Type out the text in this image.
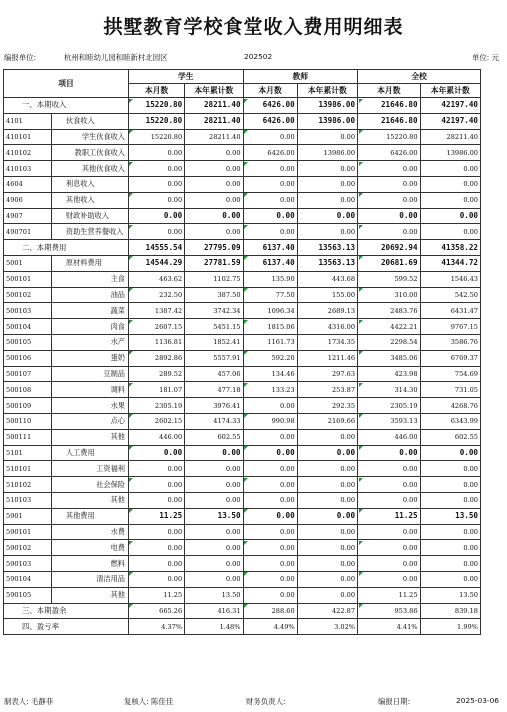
拱墅教育学校食堂收入费用明细表
编报单位:	杭州和睦幼儿园和睦新村北园区	202502	单位: 元
项目		学生		教师		全校	
		本月数	本年累计数	本月数	本年累计数	本月数	本年累计数
一、本期收入		15220.80	28211.40	6426.00	13986.00	21646.80	42197.40
4101	伙食收入	15220.80	28211.40	6426.00	13986.00	21646.80	42197.40
410101	学生伙食收入	15220.80	28211.40	0.00	0.00	15220.80	28211.40
410102	教职工伙食收入	0.00	0.00	6426.00	13986.00	6426.00	13986.00
410103	其他伙食收入	0.00	0.00	0.00	0.00	0.00	0.00
4604	利息收入	0.00	0.00	0.00	0.00	0.00	0.00
4906	其他收入	0.00	0.00	0.00	0.00	0.00	0.00
4907	财政补助收入	0.00	0.00	0.00	0.00	0.00	0.00
490701	资助生营养餐收入	0.00	0.00	0.00	0.00	0.00	0.00
二、本期费用		14555.54	27795.09	6137.40	13563.13	20692.94	41358.22
5001	原材料费用	14544.29	27781.59	6137.40	13563.13	20681.69	41344.72
500101	主食	463.62	1102.75	135.90	443.68	599.52	1546.43
500102	油品	232.50	387.50	77.50	155.00	310.00	542.50
500103	蔬菜	1387.42	3742.34	1096.34	2689.13	2483.76	6431.47
500104	肉食	2607.15	5451.15	1815.06	4316.00	4422.21	9767.15
500105	水产	1136.81	1852.41	1161.73	1734.35	2298.54	3586.76
500106	蛋奶	2892.86	5557.91	592.20	1211.46	3485.06	6769.37
500107	豆制品	289.52	457.06	134.46	297.63	423.98	754.69
500108	调料	181.07	477.18	133.23	253.87	314.30	731.05
500109	水果	2305.19	3976.41	0.00	292.35	2305.19	4268.76
500110	点心	2602.15	4174.33	990.98	2169.66	3593.13	6343.99
500111	其他	446.00	602.55	0.00	0.00	446.00	602.55
5101	人工费用	0.00	0.00	0.00	0.00	0.00	0.00
510101	工资福利	0.00	0.00	0.00	0.00	0.00	0.00
510102	社会保险	0.00	0.00	0.00	0.00	0.00	0.00
510103	其他	0.00	0.00	0.00	0.00	0.00	0.00
5901	其他费用	11.25	13.50	0.00	0.00	11.25	13.50
590101	水费	0.00	0.00	0.00	0.00	0.00	0.00
590102	电费	0.00	0.00	0.00	0.00	0.00	0.00
590103	燃料	0.00	0.00	0.00	0.00	0.00	0.00
590104	清洁用品	0.00	0.00	0.00	0.00	0.00	0.00
590105	其他	11.25	13.50	0.00	0.00	11.25	13.50
三、本期盈余		665.26	416.31	288.60	422.87	953.86	839.18
四、盈亏率		4.37%	1.48%	4.49%	3.02%	4.41%	1.99%
制表人: 毛静菲	复核人: 陈佳佳	财务负责人:	编报日期:	2025-03-06
